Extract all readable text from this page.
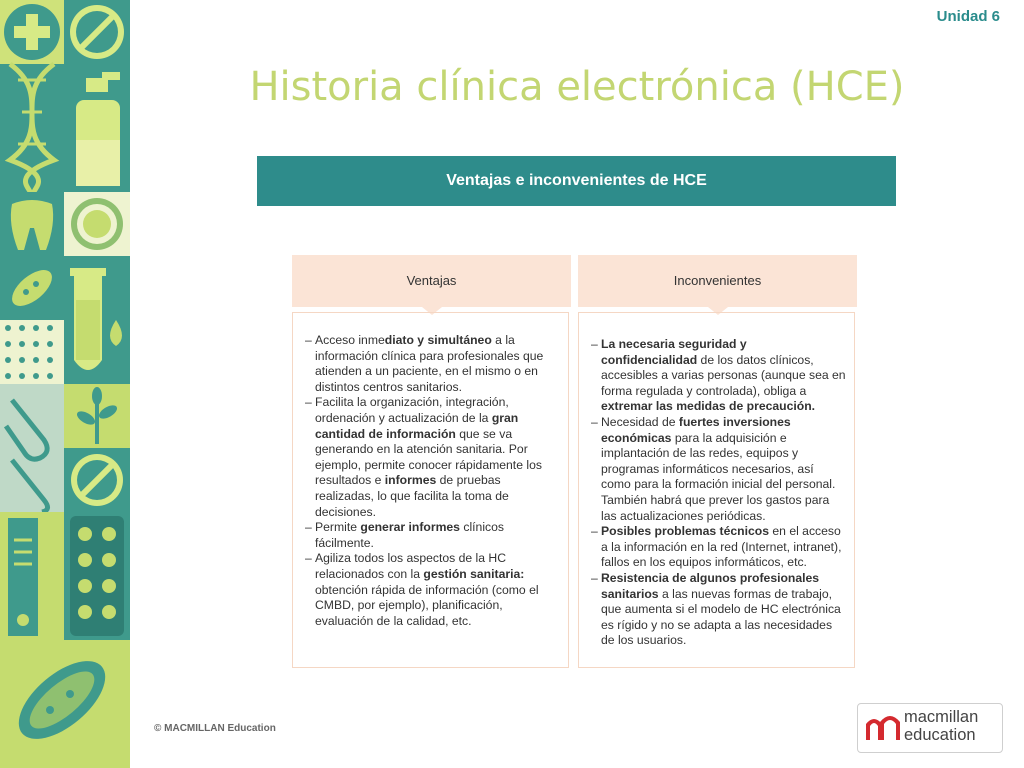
Unidad 6
Historia clínica electrónica (HCE)
Ventajas e inconvenientes de HCE
Ventajas
– Acceso inmediato y simultáneo a la información clínica para profesionales que atienden a un paciente, en el mismo o en distintos centros sanitarios.
– Facilita la organización, integración, ordenación y actualización de la gran cantidad de información que se va generando en la atención sanitaria. Por ejemplo, permite conocer rápidamente los resultados e informes de pruebas realizadas, lo que facilita la toma de decisiones.
– Permite generar informes clínicos fácilmente.
– Agiliza todos los aspectos de la HC relacionados con la gestión sanitaria: obtención rápida de información (como el CMBD, por ejemplo), planificación, evaluación de la calidad, etc.
Inconvenientes
– La necesaria seguridad y confidencialidad de los datos clínicos, accesibles a varias personas (aunque sea en forma regulada y controlada), obliga a extremar las medidas de precaución.
– Necesidad de fuertes inversiones económicas para la adquisición e implantación de las redes, equipos y programas informáticos necesarios, así como para la formación inicial del personal.
También habrá que prever los gastos para las actualizaciones periódicas.
– Posibles problemas técnicos en el acceso a la información en la red (Internet, intranet), fallos en los equipos informáticos, etc.
– Resistencia de algunos profesionales sanitarios a las nuevas formas de trabajo, que aumenta si el modelo de HC electrónica es rígido y no se adapta a las necesidades de los usuarios.
© MACMILLAN Education
macmillan
education
